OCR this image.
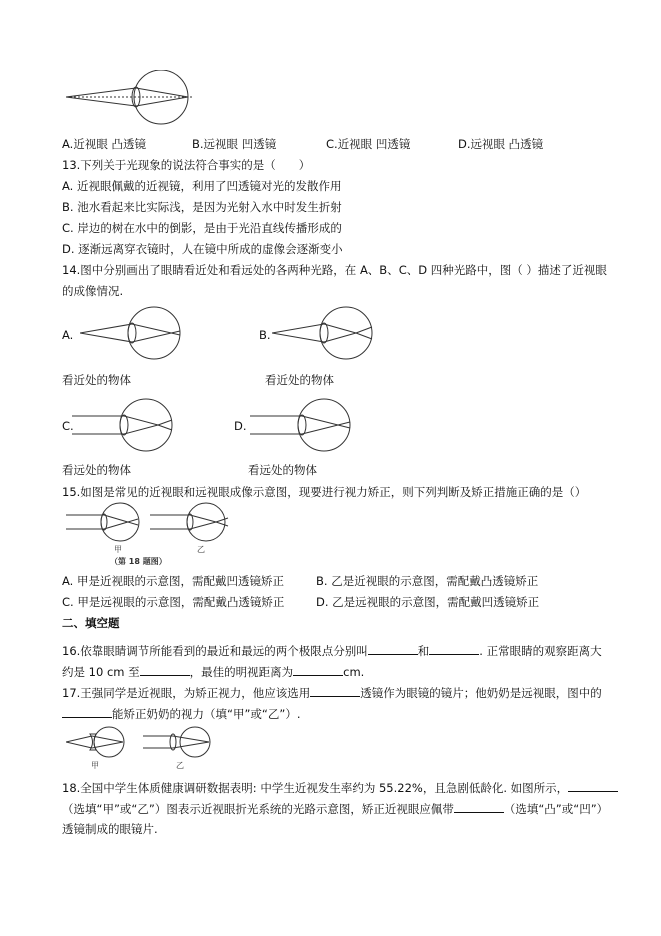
A.近视眼 凸透镜	B.远视眼 凹透镜	C.近视眼 凹透镜	D.远视眼 凸透镜
13.下列关于光现象的说法符合事实的是（　　）
A. 近视眼佩戴的近视镜，利用了凹透镜对光的发散作用
B. 池水看起来比实际浅，是因为光射入水中时发生折射
C. 岸边的树在水中的倒影，是由于光沿直线传播形成的
D. 逐渐远离穿衣镜时，人在镜中所成的虚像会逐渐变小
14.图中分别画出了眼睛看近处和看远处的各两种光路，在 A、B、C、D 四种光路中，图（ ）描述了近视眼
的成像情况.
A.	B.
看近处的物体	看近处的物体
C.	D.
看远处的物体	看远处的物体
15.如图是常见的近视眼和远视眼成像示意图，现要进行视力矫正，则下列判断及矫正措施正确的是（）
甲	乙
（第 18 题图）
A. 甲是近视眼的示意图，需配戴凹透镜矫正	B. 乙是近视眼的示意图，需配戴凸透镜矫正
C. 甲是远视眼的示意图，需配戴凸透镜矫正	D. 乙是远视眼的示意图，需配戴凹透镜矫正
二、填空题
16.依靠眼睛调节所能看到的最近和最远的两个极限点分别叫	和	. 正常眼睛的观察距离大
约是 10 cm 至	，最佳的明视距离为	cm.
17.王强同学是近视眼，为矫正视力，他应该选用	透镜作为眼镜的镜片；他奶奶是远视眼，图中的
能矫正奶奶的视力（填“甲”或“乙”）.
甲	乙
18.全国中学生体质健康调研数据表明: 中学生近视发生率约为 55.22%，且急剧低龄化. 如图所示，
（选填“甲”或“乙”）图表示近视眼折光系统的光路示意图，矫正近视眼应佩带	（选填“凸”或“凹”）
透镜制成的眼镜片.
